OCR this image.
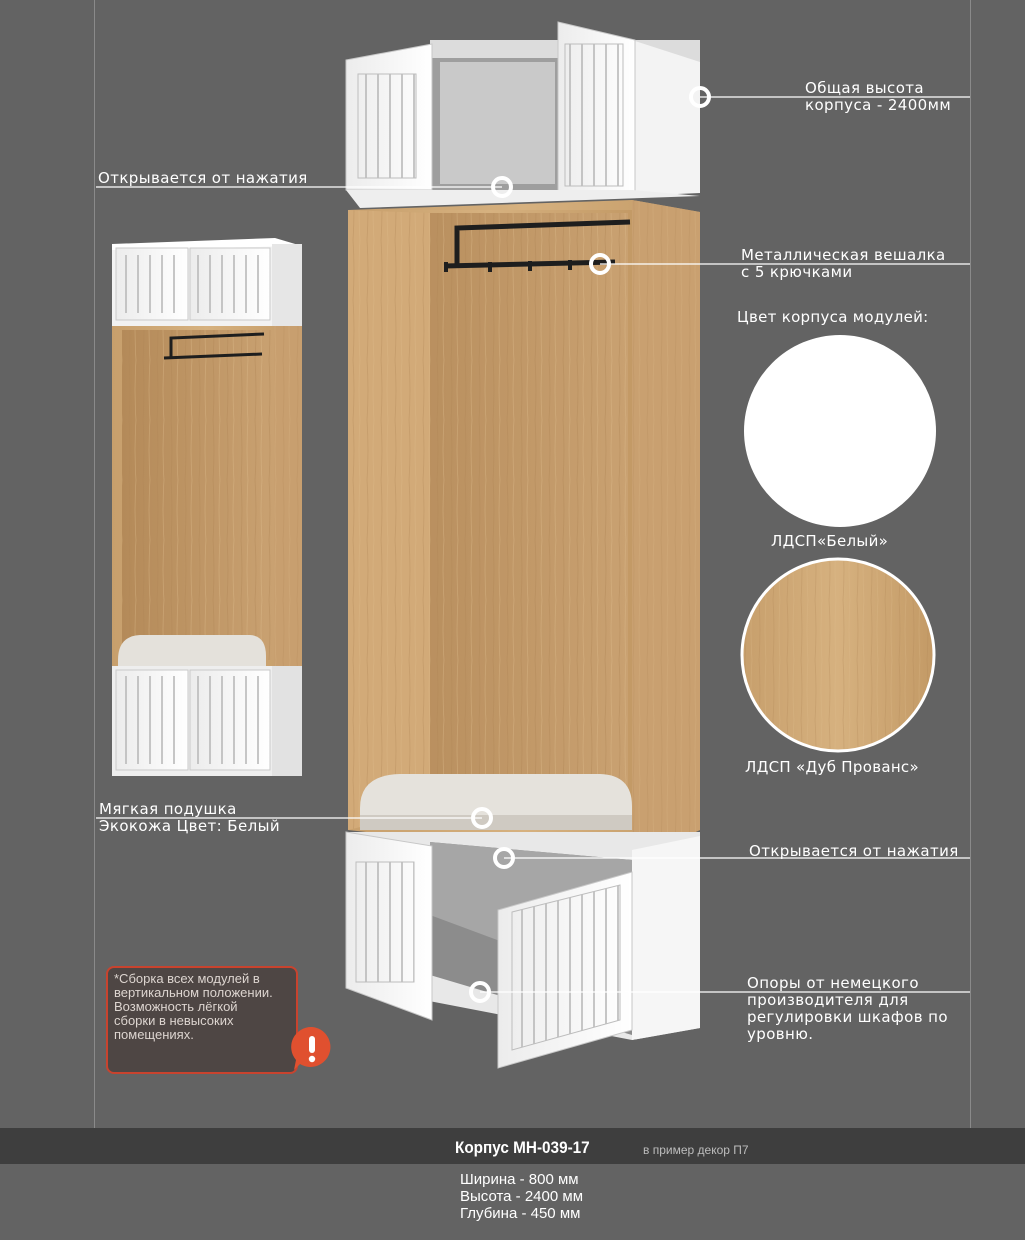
Открывается от нажатия
Общая высота
корпуса - 2400мм
Металлическая вешалка
с 5 крючками
Мягкая подушка
Экокожа Цвет: Белый
Открывается от нажатия
Опоры от немецкого
производителя для
регулировки шкафов по
уровню.
Цвет корпуса модулей:
ЛДСП«Белый»
ЛДСП «Дуб Прованс»
*Сборка всех модулей в
вертикальном положении.
Возможность лёгкой
сборки в невысоких
помещениях.
Корпус МН-039-17	в пример декор П7
Ширина - 800 мм
Высота - 2400 мм
Глубина - 450 мм
